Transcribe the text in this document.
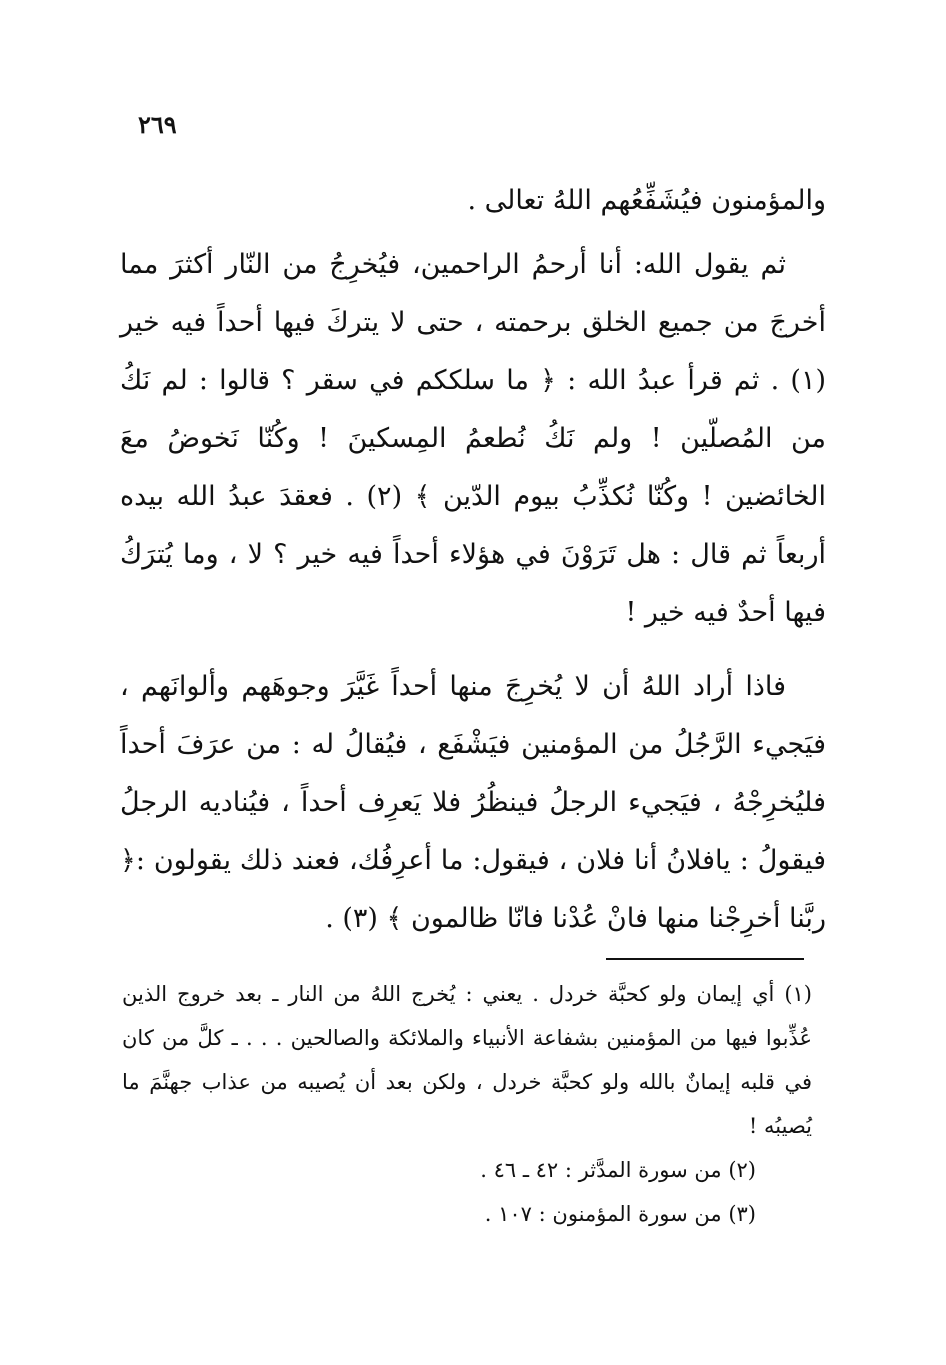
٢٦٩

والمؤمنون فيُشَفِّعُهم اللهُ تعالى .

ثم يقول الله: أنا أرحمُ الراحمين، فيُخرِجُ من النّار أكثرَ مما أخرجَ من جميع الخلق برحمته ، حتى لا يتركَ فيها أحداً فيه خير (١) . ثم قرأ عبدُ الله : ﴿ ما سلككم في سقر ؟ قالوا : لم نَكُ من المُصلّين ! ولم نَكُ نُطعمُ المِسكينَ ! وكُنّا نَخوضُ معَ الخائضين ! وكُنّا نُكذِّبُ بيوم الدّين ﴾ (٢) . فعقدَ عبدُ الله بيده أربعاً ثم قال : هل تَرَوْنَ في هؤلاء أحداً فيه خير ؟ لا ، وما يُترَكُ فيها أحدٌ فيه خير !

فاذا أراد اللهُ أن لا يُخرِجَ منها أحداً غَيَّرَ وجوهَهم وألوانَهم ، فيَجيء الرَّجُلُ من المؤمنين فيَشْفَع ، فيُقالُ له : من عرَفَ أحداً فليُخرِجْهُ ، فيَجيء الرجلُ فينظُرُ فلا يَعرِف أحداً ، فيُناديه الرجلُ فيقولُ : يافلانُ أنا فلان ، فيقول: ما أعرِفُك، فعند ذلك يقولون :﴿ ربَّنا أخرِجْنا منها فانْ عُدْنا فانّا ظالمون ﴾ (٣) .

(١) أي إيمان ولو كحبَّة خردل . يعني : يُخرج اللهُ من النار ـ بعد خروج الذين عُذِّبوا فيها من المؤمنين بشفاعة الأنبياء والملائكة والصالحين . . . ـ كلَّ من كان في قلبه إيمانٌ بالله ولو كحبَّة خردل ، ولكن بعد أن يُصيبه من عذاب جهنَّمَ ما يُصيبُه !

(٢) من سورة المدَّثر : ٤٢ ـ ٤٦ .

(٣) من سورة المؤمنون : ١٠٧ .
